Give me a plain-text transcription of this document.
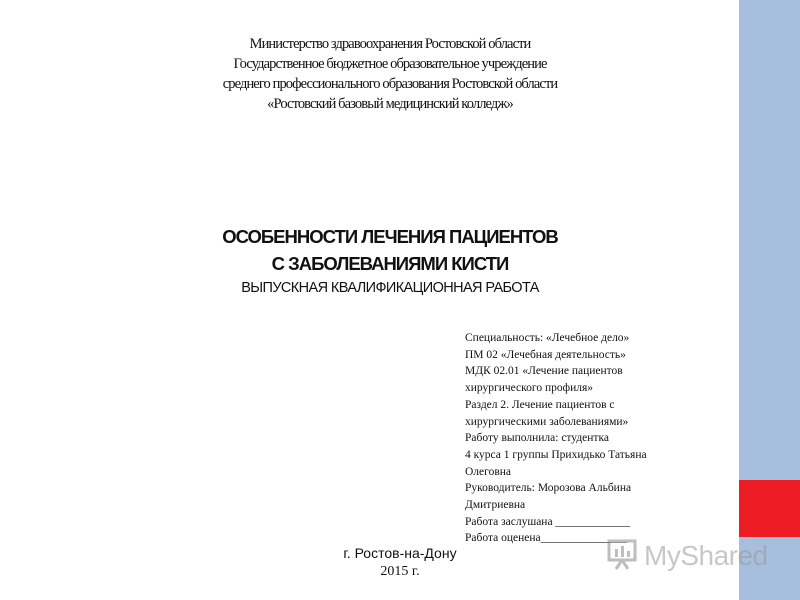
Министерство здравоохранения Ростовской области
Государственное бюджетное образовательное учреждение
среднего профессионального образования Ростовской области
«Ростовский базовый медицинский колледж»
ОСОБЕННОСТИ ЛЕЧЕНИЯ ПАЦИЕНТОВ
С ЗАБОЛЕВАНИЯМИ КИСТИ
ВЫПУСКНАЯ КВАЛИФИКАЦИОННАЯ РАБОТА
Специальность: «Лечебное дело»
ПМ 02 «Лечебная деятельность»
МДК 02.01 «Лечение пациентов
хирургического профиля»
Раздел 2. Лечение пациентов с
хирургическими заболеваниями»
Работу выполнила: студентка
4 курса 1 группы Прихидько Татьяна
Олеговна
Руководитель: Морозова Альбина
Дмитриевна
Работа заслушана _____________
Работа оценена_______________
г. Ростов-на-Дону
2015 г.
MyShared
